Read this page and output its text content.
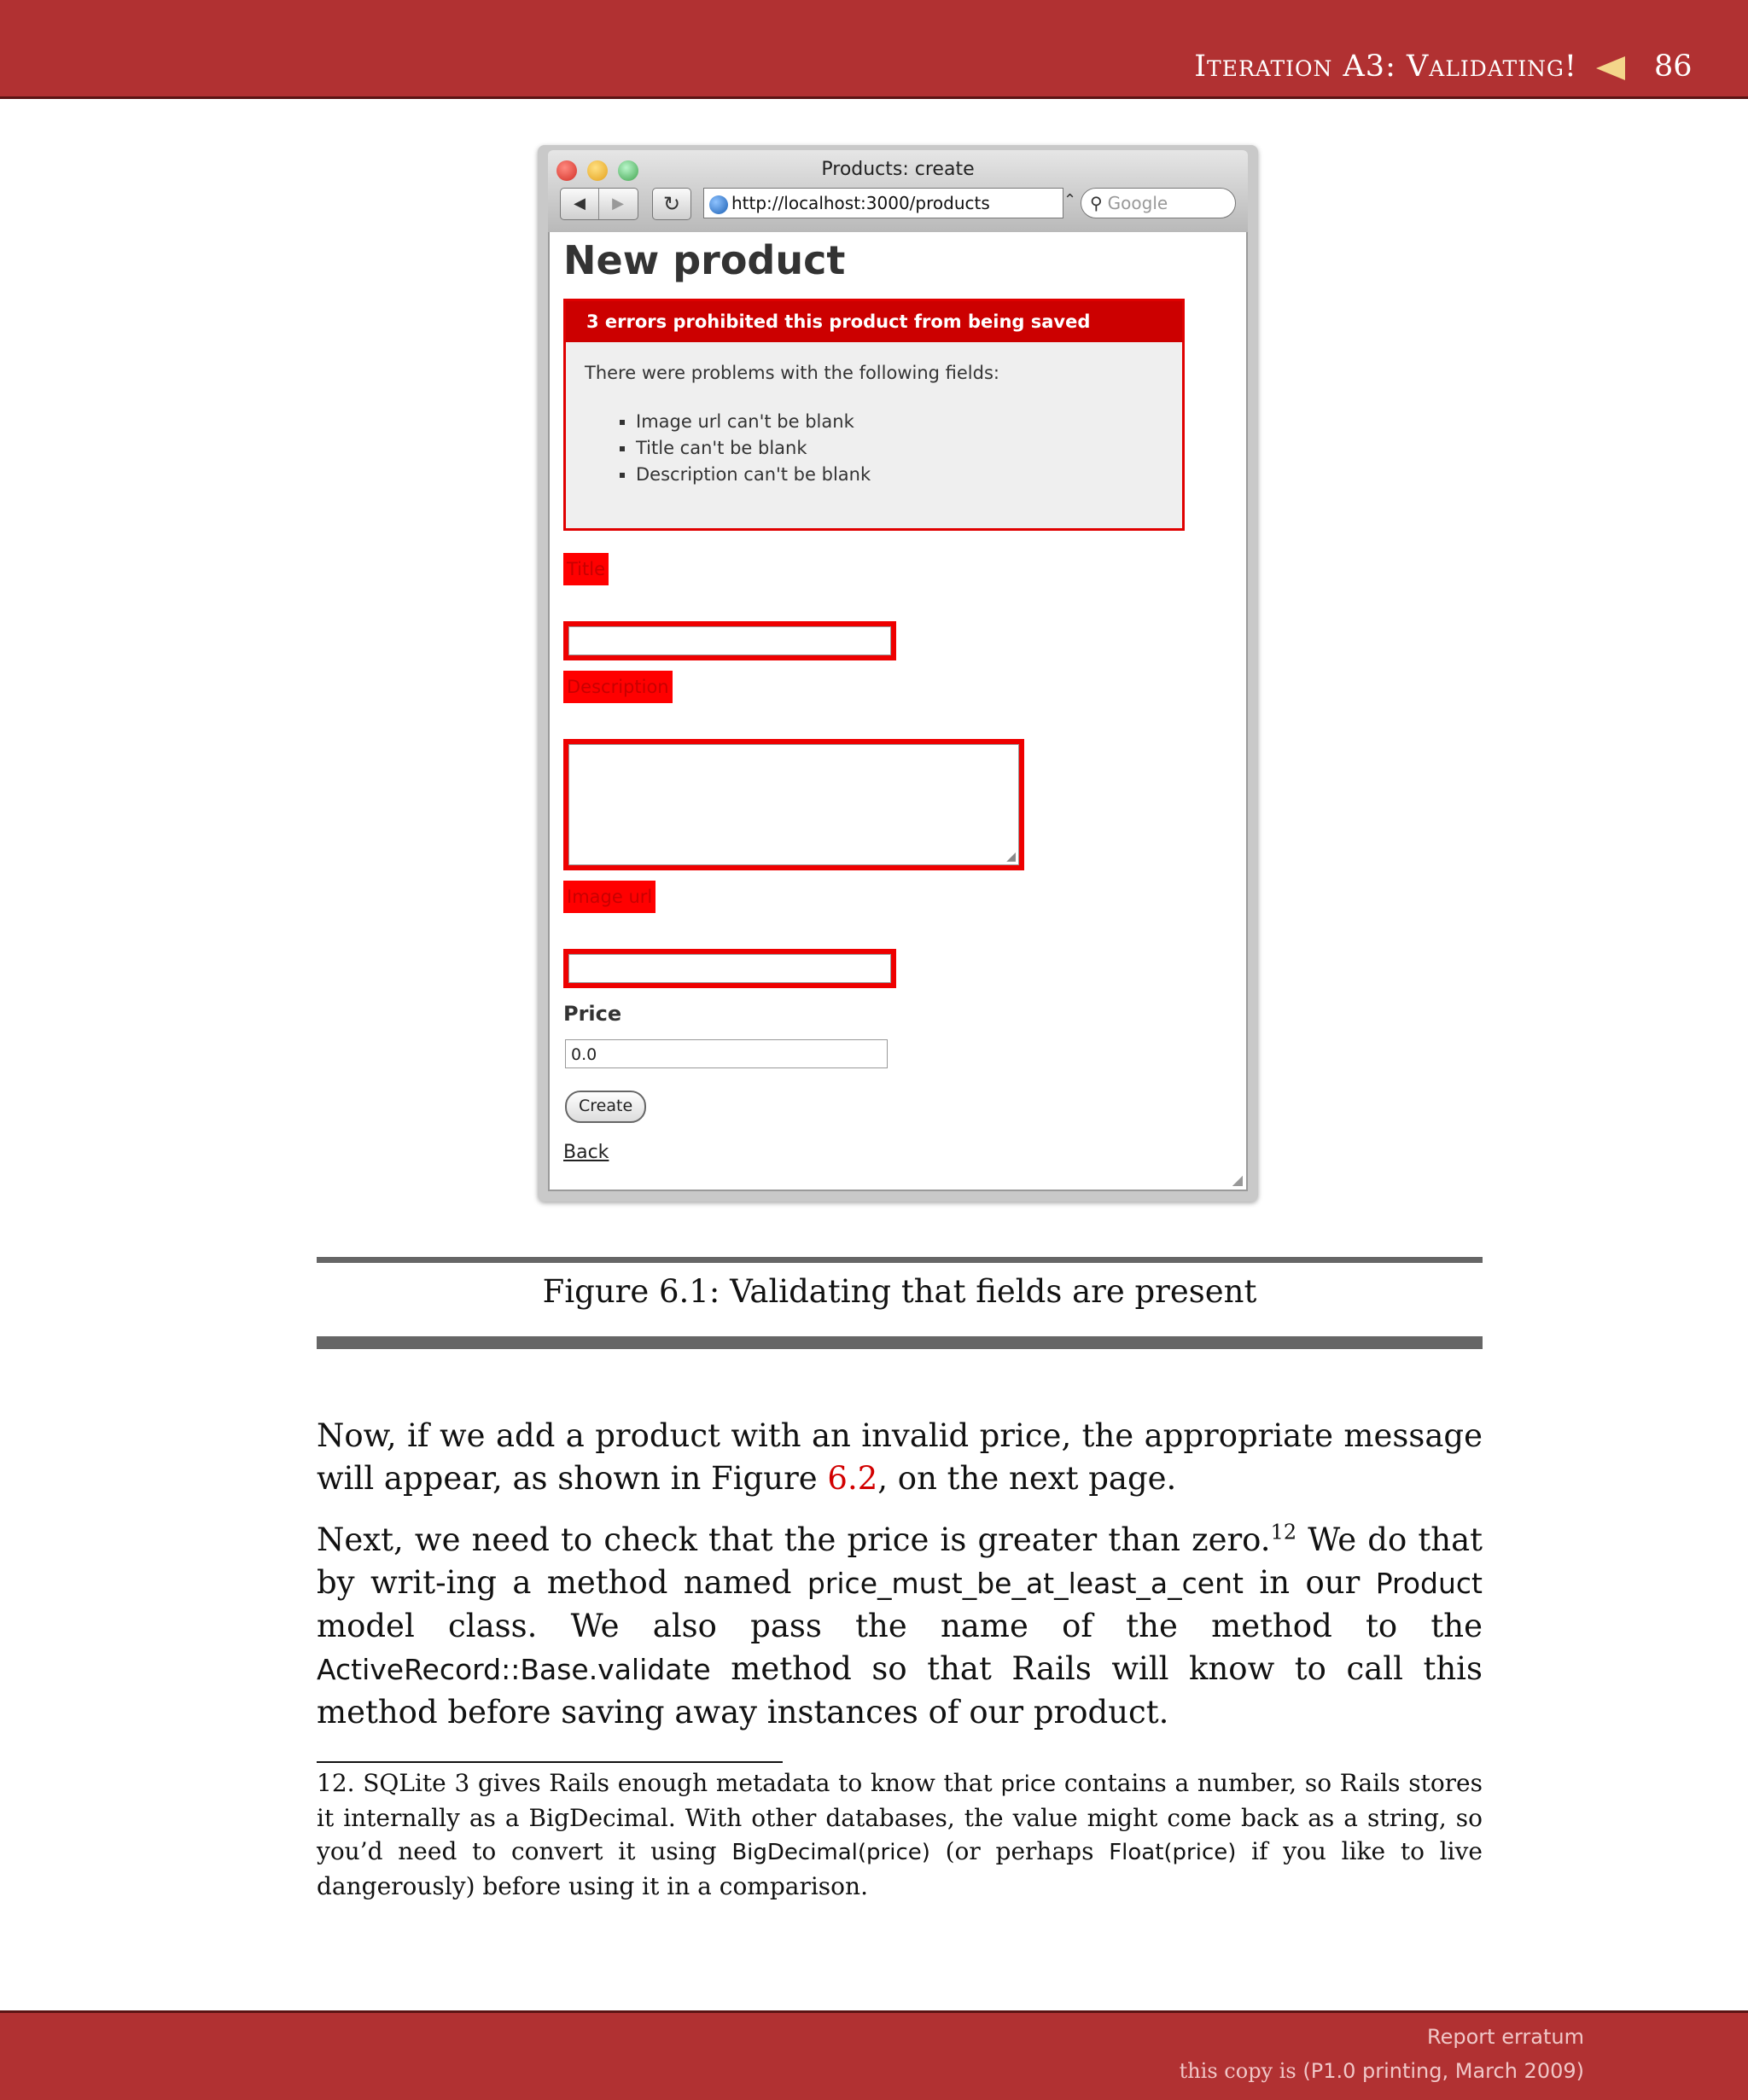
Iteration A3: Validating!	86
Products: create
◀	▶	↻	http://localhost:3000/products	⌃ ⚲ Google
New product
3 errors prohibited this product from being saved
There were problems with the following fields:
▪ Image url can't be blank
▪ Title can't be blank
▪ Description can't be blank
Title
Description
◢
Image url
Price
0.0
Create
Back
◢
Figure 6.1: Validating that fields are present
Now, if we add a product with an invalid price, the appropriate message will appear, as shown in Figure 6.2, on the next page.
Next, we need to check that the price is greater than zero.$^{12}$ We do that by writ-ing a method named price_must_be_at_least_a_cent in our Product model class. We also pass the name of the method to the ActiveRecord::Base.validate method so that Rails will know to call this method before saving away instances of our product.
12. SQLite 3 gives Rails enough metadata to know that price contains a number, so Rails stores it internally as a BigDecimal. With other databases, the value might come back as a string, so you’d need to convert it using BigDecimal(price) (or perhaps Float(price) if you like to live dangerously) before using it in a comparison.
Report erratum
this copy is (P1.0 printing, March 2009)
